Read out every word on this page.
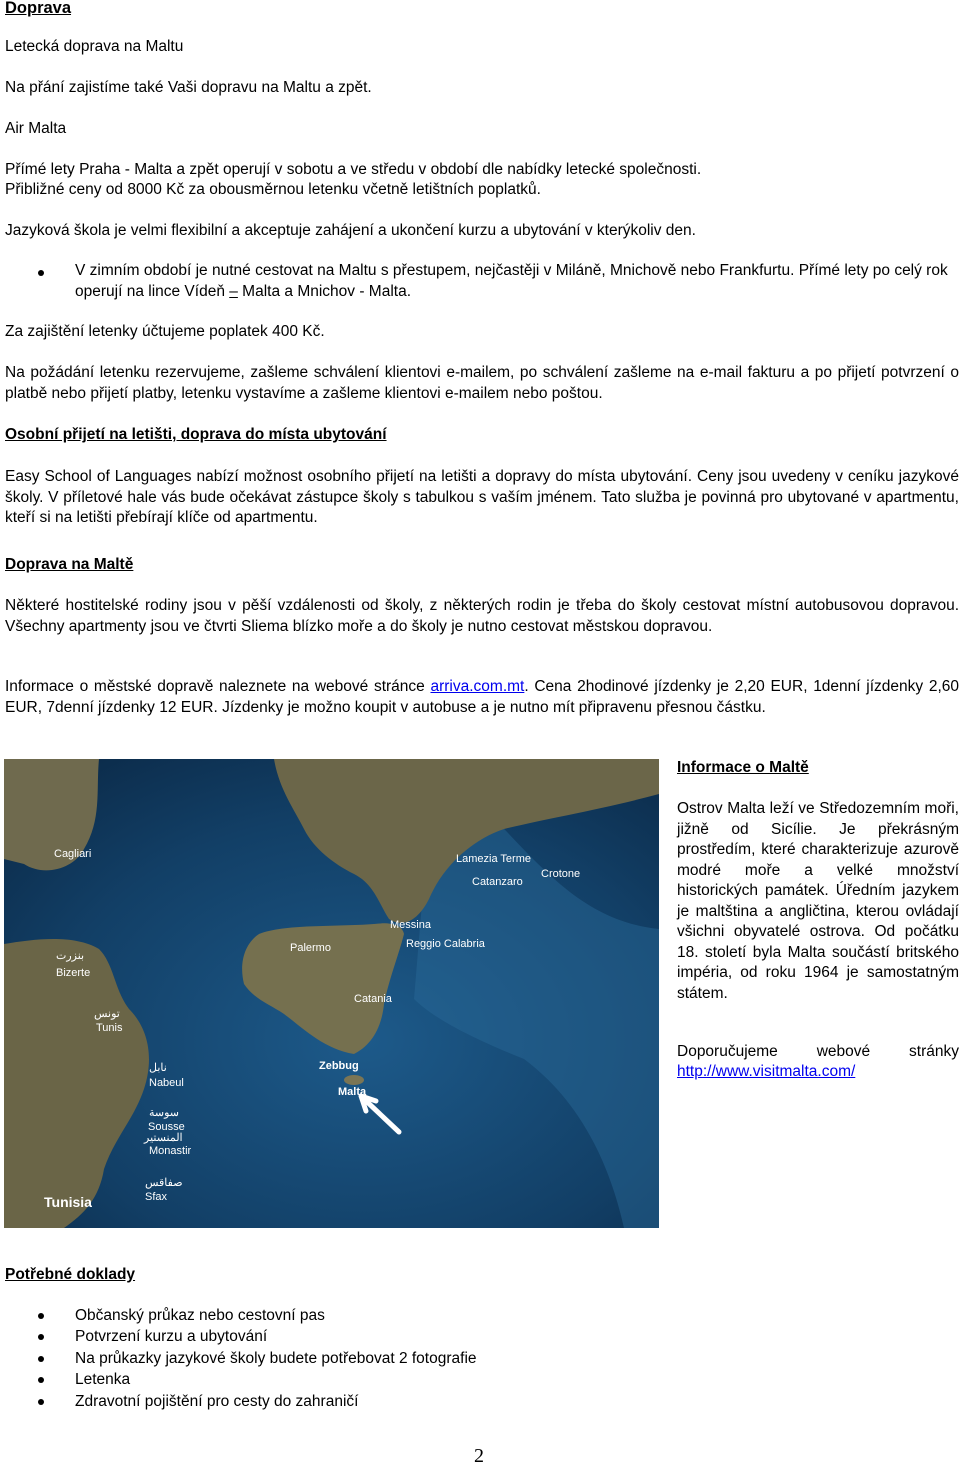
Doprava
Letecká doprava na Maltu
Na přání zajistíme také Vaši dopravu na Maltu a zpět.
Air Malta
Přímé lety Praha - Malta a zpět operují v sobotu a ve středu v období dle nabídky letecké společnosti.
Přibližné ceny od 8000 Kč za obousměrnou letenku včetně letištních poplatků.
Jazyková škola je velmi flexibilní a akceptuje zahájení a ukončení kurzu a ubytování v kterýkoliv den.
V zimním období je nutné cestovat na Maltu s přestupem, nejčastěji v Miláně, Mnichově nebo Frankfurtu. Přímé lety po celý rok operují na lince Vídeň – Malta a Mnichov - Malta.
Za zajištění letenky účtujeme poplatek 400 Kč.
Na požádání letenku rezervujeme, zašleme schválení klientovi e-mailem, po schválení zašleme na e-mail fakturu a po přijetí potvrzení o platbě nebo přijetí platby, letenku vystavíme a zašleme klientovi e-mailem nebo poštou.
Osobní přijetí na letišti, doprava do místa ubytování
Easy School of Languages nabízí možnost osobního přijetí na letišti a dopravy do místa ubytování. Ceny jsou uvedeny v ceníku jazykové školy. V příletové hale vás bude očekávat zástupce školy s tabulkou s vaším jménem. Tato služba je povinná pro ubytované v apartmentu, kteří si na letišti přebírají klíče od apartmentu.
Doprava na Maltě
Některé hostitelské rodiny jsou v pěší vzdálenosti od školy, z některých rodin je třeba do školy cestovat místní autobusovou dopravou. Všechny apartmenty jsou ve čtvrti Sliema blízko moře a do školy je nutno cestovat městskou dopravou.
Informace o městské dopravě naleznete na webové stránce arriva.com.mt. Cena 2hodinové jízdenky je 2,20 EUR, 1denní jízdenky 2,60 EUR, 7denní jízdenky 12 EUR. Jízdenky je možno koupit v autobuse a je nutno mít připravenu přesnou částku.
Cagliari	Lamezia Terme
Crotone
Catanzaro
Messina
Reggio Calabria
Palermo
Catania
Bizerte
Tunis
Nabeul
Sousse
Monastir
Zebbug
Malta
Sfax
Tunisia
بنزرت
تونس
نابل
سوسة
المنستير
صفاقس
Informace o Maltě
Ostrov Malta leží ve Středozemním moři, jižně od Sicílie. Je překrásným prostředím, které charakterizuje azurově modré moře a velké množství historických památek. Úředním jazykem je maltština a angličtina, kterou ovládají všichni obyvatelé ostrova. Od počátku 18. století byla Malta součástí britského impéria, od roku 1964 je samostatným státem.
Doporučujeme webové stránky
http://www.visitmalta.com/
Potřebné doklady
Občanský průkaz nebo cestovní pas
Potvrzení kurzu a ubytování
Na průkazky jazykové školy budete potřebovat 2 fotografie
Letenka
Zdravotní pojištění pro cesty do zahraničí
2
